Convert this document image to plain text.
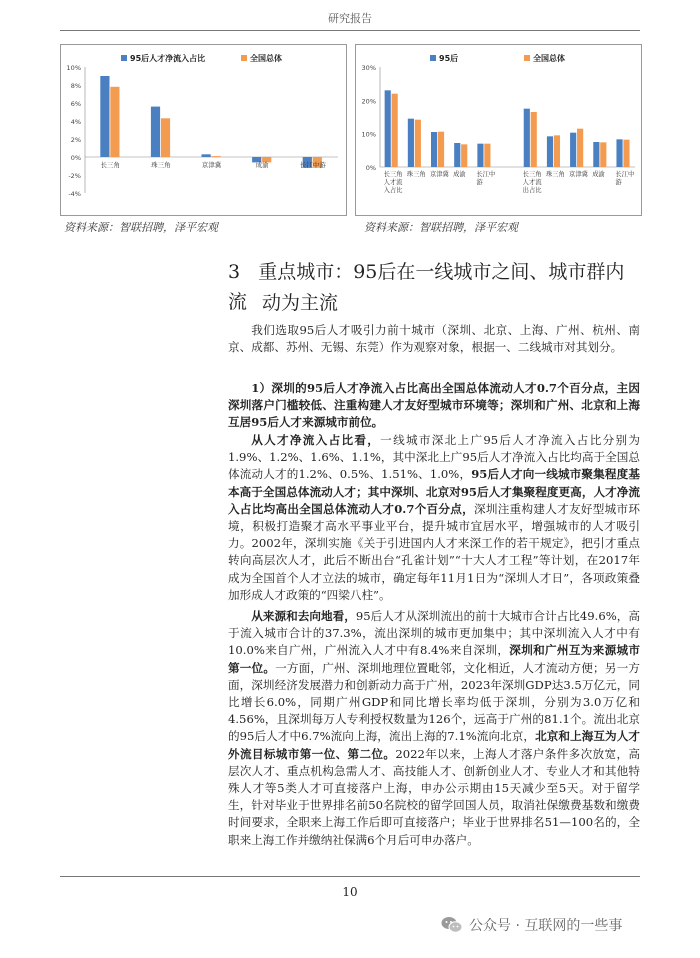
研究报告
95后人才净流入占比	全国总体
10%
8%
6%
4%
2%
0%
-2%
-4%
长三角	珠三角	京津冀	成渝	长江中游
95后	全国总体
30%
20%
10%
0%
长三角
人才流
入占比
珠三角 京津冀 成渝 长江中
游
长三角
人才流
出占比
珠三角 京津冀 成渝 长江中
游
资料来源：智联招聘，泽平宏观	资料来源：智联招聘，泽平宏观
3 重点城市：95后在一线城市之间、城市群内流 动为主流

我们选取95后人才吸引力前十城市（深圳、北京、上海、广州、杭州、南京、成都、苏州、无锡、东莞）作为观察对象，根据一、二线城市对其划分。

1）深圳的95后人才净流入占比高出全国总体流动人才0.7个百分点，主因深圳落户门槛较低、注重构建人才友好型城市环境等；深圳和广州、北京和上海互居95后人才来源城市前位。

从人才净流入占比看，一线城市深北上广95后人才净流入占比分别为1.9%、1.2%、1.6%、1.1%，其中深北上广95后人才净流入占比均高于全国总体流动人才的1.2%、0.5%、1.51%、1.0%，95后人才向一线城市聚集程度基本高于全国总体流动人才；其中深圳、北京对95后人才集聚程度更高，人才净流入占比均高出全国总体流动人才0.7个百分点，深圳注重构建人才友好型城市环境，积极打造聚才高水平事业平台，提升城市宜居水平，增强城市的人才吸引力。2002年，深圳实施《关于引进国内人才来深工作的若干规定》，把引才重点转向高层次人才，此后不断出台“孔雀计划”“十大人才工程”等计划，在2017年成为全国首个人才立法的城市，确定每年11月1日为“深圳人才日”，各项政策叠加形成人才政策的“四梁八柱”。

从来源和去向地看，95后人才从深圳流出的前十大城市合计占比49.6%，高于流入城市合计的37.3%，流出深圳的城市更加集中；其中深圳流入人才中有10.0%来自广州，广州流入人才中有8.4%来自深圳，深圳和广州互为来源城市第一位。一方面，广州、深圳地理位置毗邻，文化相近，人才流动方便；另一方面，深圳经济发展潜力和创新动力高于广州，2023年深圳GDP达3.5万亿元，同比增长6.0%，同期广州GDP和同比增长率均低于深圳，分别为3.0万亿和4.56%，且深圳每万人专利授权数量为126个，远高于广州的81.1个。流出北京的95后人才中6.7%流向上海，流出上海的7.1%流向北京，北京和上海互为人才外流目标城市第一位、第二位。2022年以来，上海人才落户条件多次放宽，高层次人才、重点机构急需人才、高技能人才、创新创业人才、专业人才和其他特殊人才等5类人才可直接落户上海，申办公示期由15天减少至5天。对于留学生，针对毕业于世界排名前50名院校的留学回国人员，取消社保缴费基数和缴费时间要求，全职来上海工作后即可直接落户；毕业于世界排名51—100名的，全职来上海工作并缴纳社保满6个月后可申办落户。

10
公众号 · 互联网的一些事
